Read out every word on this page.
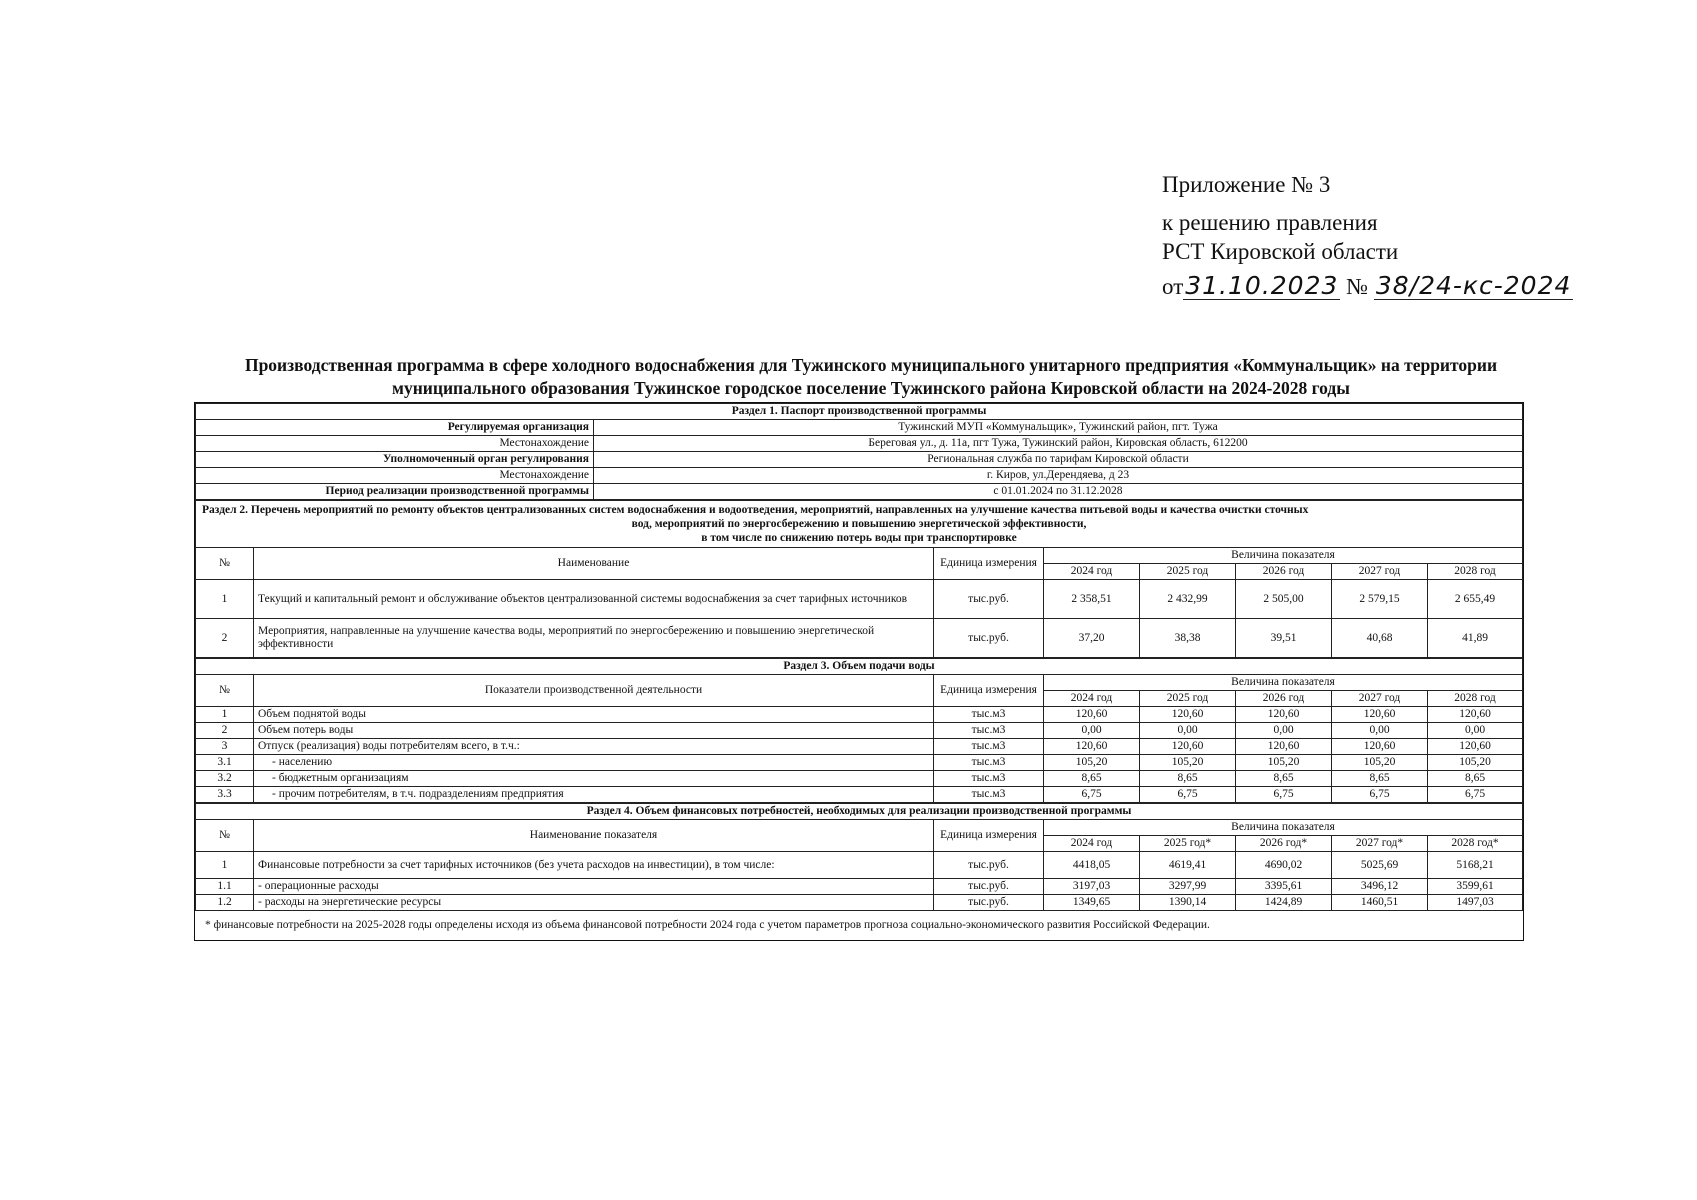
Приложение № 3
к решению правления
РСТ Кировской области
от31.10.2023 № 38/24-кс-2024
Производственная программа в сфере холодного водоснабжения для Тужинского муниципального унитарного предприятия «Коммунальщик» на территории муниципального образования Тужинское городское поселение Тужинского района Кировской области на 2024-2028 годы
Раздел 1. Паспорт производственной программы	
Регулируемая организация	Тужинский МУП «Коммунальщик», Тужинский район, пгт. Тужа
Местонахождение	Береговая ул., д. 11а, пгт Тужа, Тужинский район, Кировская область, 612200
Уполномоченный орган регулирования	Региональная служба по тарифам Кировской области
Местонахождение	г. Киров, ул.Дерендяева, д 23
Период реализации производственной программы	с 01.01.2024 по 31.12.2028
Раздел 2. Перечень мероприятий по ремонту объектов централизованных систем водоснабжения и водоотведения, мероприятий, направленных на улучшение качества питьевой воды и качества очистки сточных
вод, мероприятий по энергосбережению и повышению энергетической эффективности,
в том числе по снижению потерь воды при транспортировке							

№	Наименование	Единица измерения	Величина показателя				
			2024 год	2025 год	2026 год	2027 год	2028 год
1	Текущий и капитальный ремонт и обслуживание объектов централизованной системы водоснабжения за счет тарифных источников	тыс.руб.	2 358,51	2 432,99	2 505,00	2 579,15	2 655,49
2	Мероприятия, направленные на улучшение качества воды, мероприятий по энергосбережению и повышению энергетической эффективности	тыс.руб.	37,20	38,38	39,51	40,68	41,89
Раздел 3. Объем подачи воды							
№	Показатели производственной деятельности	Единица измерения	Величина показателя				
			2024 год	2025 год	2026 год	2027 год	2028 год
1	Объем поднятой воды	тыс.м3	120,60	120,60	120,60	120,60	120,60
2	Объем потерь воды	тыс.м3	0,00	0,00	0,00	0,00	0,00
3	Отпуск (реализация) воды потребителям всего, в т.ч.:	тыс.м3	120,60	120,60	120,60	120,60	120,60
3.1	- населению	тыс.м3	105,20	105,20	105,20	105,20	105,20
3.2	- бюджетным организациям	тыс.м3	8,65	8,65	8,65	8,65	8,65
3.3	- прочим потребителям, в т.ч. подразделениям предприятия	тыс.м3	6,75	6,75	6,75	6,75	6,75
Раздел 4. Объем финансовых потребностей, необходимых для реализации производственной программы							
№	Наименование показателя	Единица измерения	Величина показателя				
			2024 год	2025 год*	2026 год*	2027 год*	2028 год*
1	Финансовые потребности за счет тарифных источников (без учета расходов на инвестиции), в том числе:	тыс.руб.	4418,05	4619,41	4690,02	5025,69	5168,21
1.1	- операционные расходы	тыс.руб.	3197,03	3297,99	3395,61	3496,12	3599,61
1.2	- расходы на энергетические ресурсы	тыс.руб.	1349,65	1390,14	1424,89	1460,51	1497,03
* финансовые потребности на 2025-2028 годы определены исходя из объема финансовой потребности 2024 года с учетом параметров прогноза социально-экономического развития Российской Федерации.
